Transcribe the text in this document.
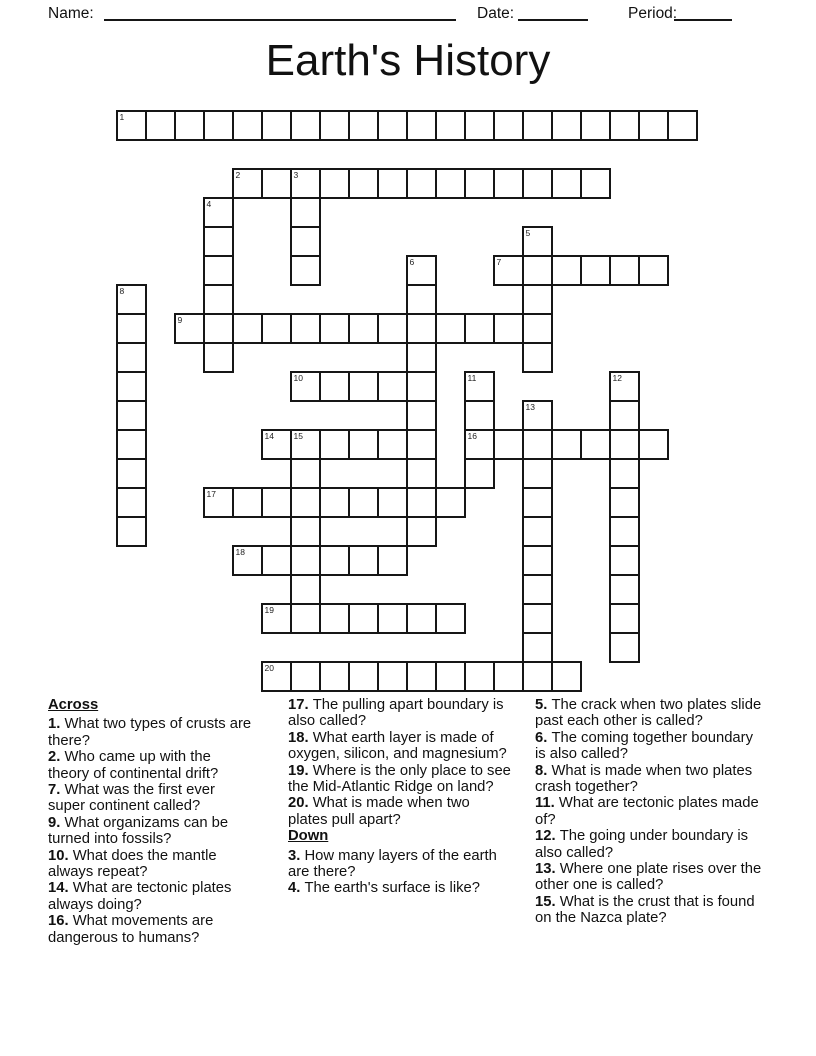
Name:	Date:	Period:
Earth's History
1
2	3
4
5
6	7
8
9
10	11
16
12
13
14 15
17
18
19
20
Across
1. What two types of crusts are there?
2. Who came up with the theory of continental drift?
7. What was the first ever super continent called?
9. What organizams can be turned into fossils?
10. What does the mantle always repeat?
14. What are tectonic plates always doing?
16. What movements are dangerous to humans?
17. The pulling apart boundary is also called?
18. What earth layer is made of oxygen, silicon, and magnesium?
19. Where is the only place to see the Mid-Atlantic Ridge on land?
20. What is made when two plates pull apart?
Down
3. How many layers of the earth are there?
4. The earth's surface is like?
5. The crack when two plates slide past each other is called?
6. The coming together boundary is also called?
8. What is made when two plates crash together?
11. What are tectonic plates made of?
12. The going under boundary is also called?
13. Where one plate rises over the other one is called?
15. What is the crust that is found on the Nazca plate?
